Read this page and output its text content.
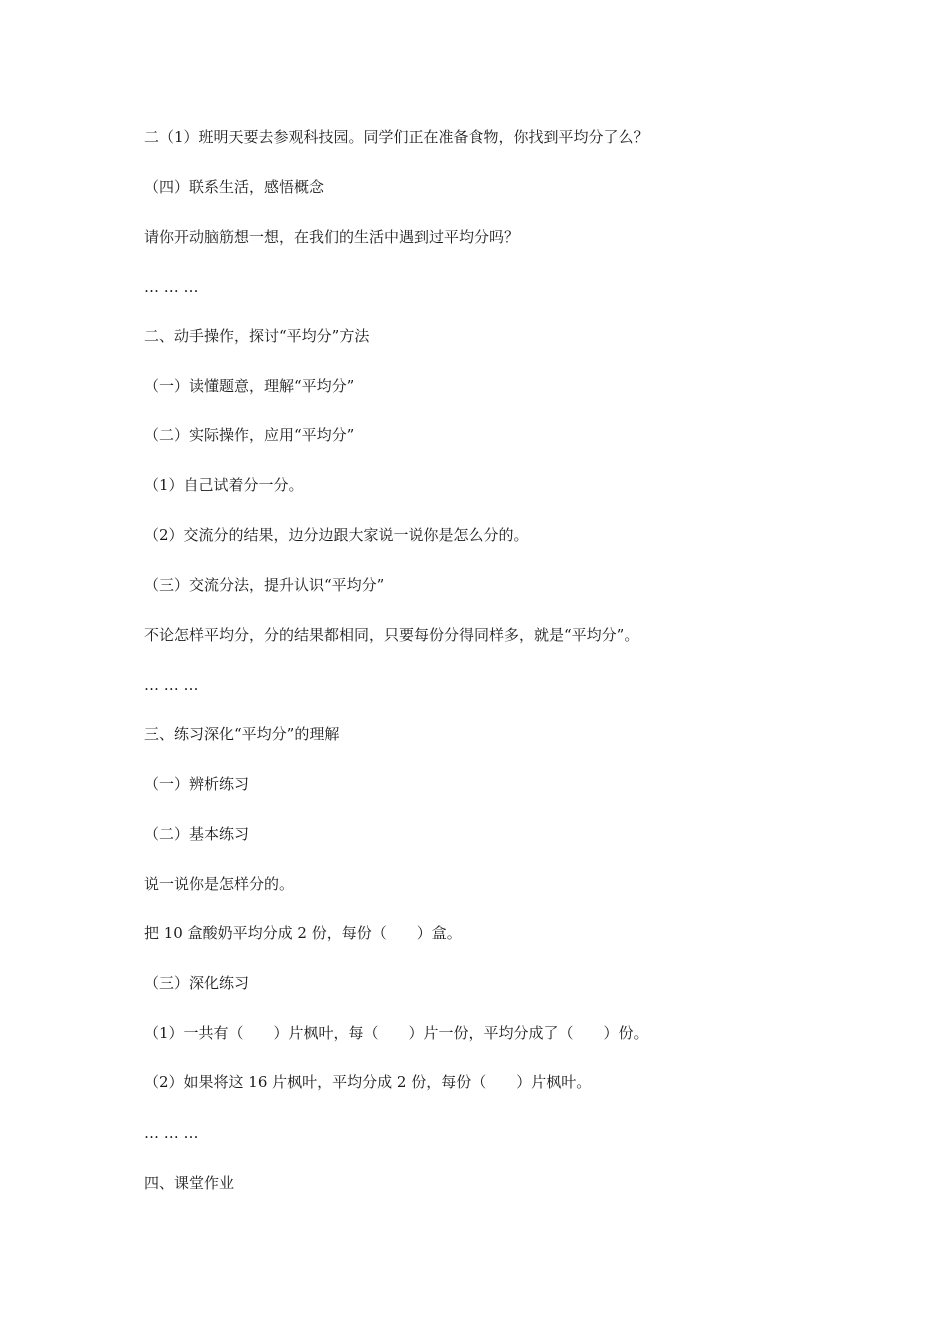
二（1）班明天要去参观科技园。同学们正在准备食物，你找到平均分了么？
（四）联系生活，感悟概念
请你开动脑筋想一想，在我们的生活中遇到过平均分吗？
… … …
二、动手操作，探讨“平均分”方法
（一）读懂题意，理解“平均分”
（二）实际操作，应用“平均分”
（1）自己试着分一分。
（2）交流分的结果，边分边跟大家说一说你是怎么分的。
（三）交流分法，提升认识“平均分”
不论怎样平均分，分的结果都相同，只要每份分得同样多，就是“平均分”。
… … …
三、练习深化“平均分”的理解
（一）辨析练习
（二）基本练习
说一说你是怎样分的。
把 10 盒酸奶平均分成 2 份，每份（　　）盒。
（三）深化练习
（1）一共有（　　）片枫叶，每（　　）片一份，平均分成了（　　）份。
（2）如果将这 16 片枫叶，平均分成 2 份，每份（　　）片枫叶。
… … …
四、课堂作业
